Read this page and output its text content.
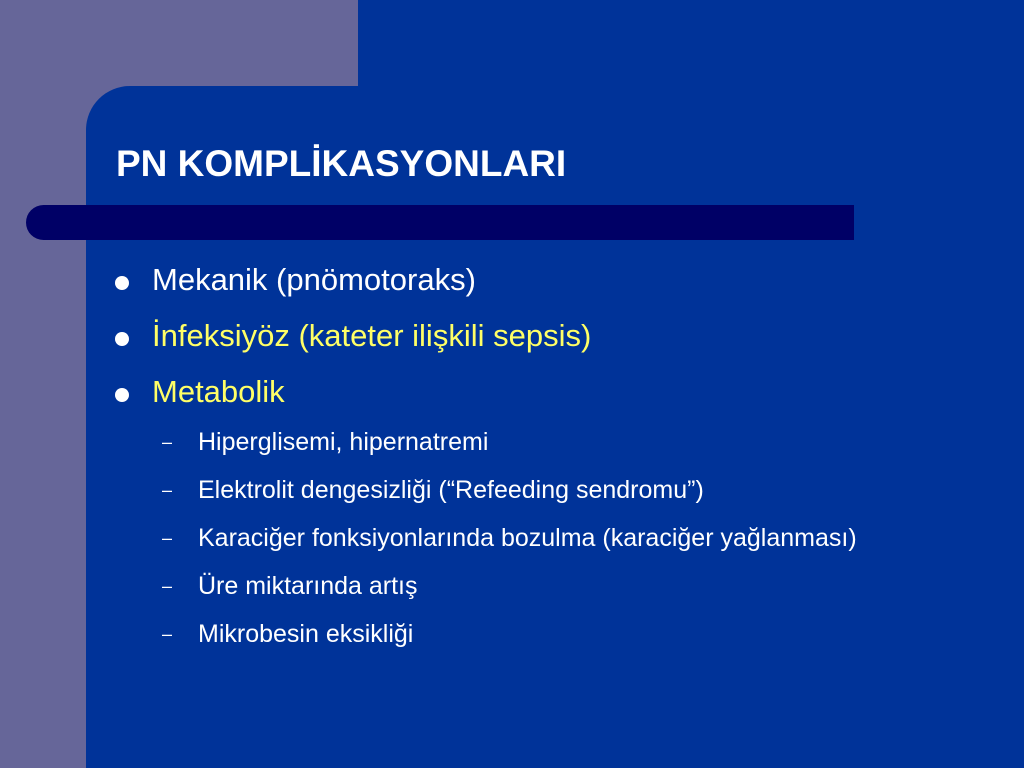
PN KOMPLİKASYONLARI
Mekanik (pnömotoraks)
İnfeksiyöz (kateter ilişkili sepsis)
Metabolik
– Hiperglisemi, hipernatremi
– Elektrolit dengesizliği (“Refeeding sendromu”)
– Karaciğer fonksiyonlarında bozulma (karaciğer yağlanması)
– Üre miktarında artış
– Mikrobesin eksikliği
